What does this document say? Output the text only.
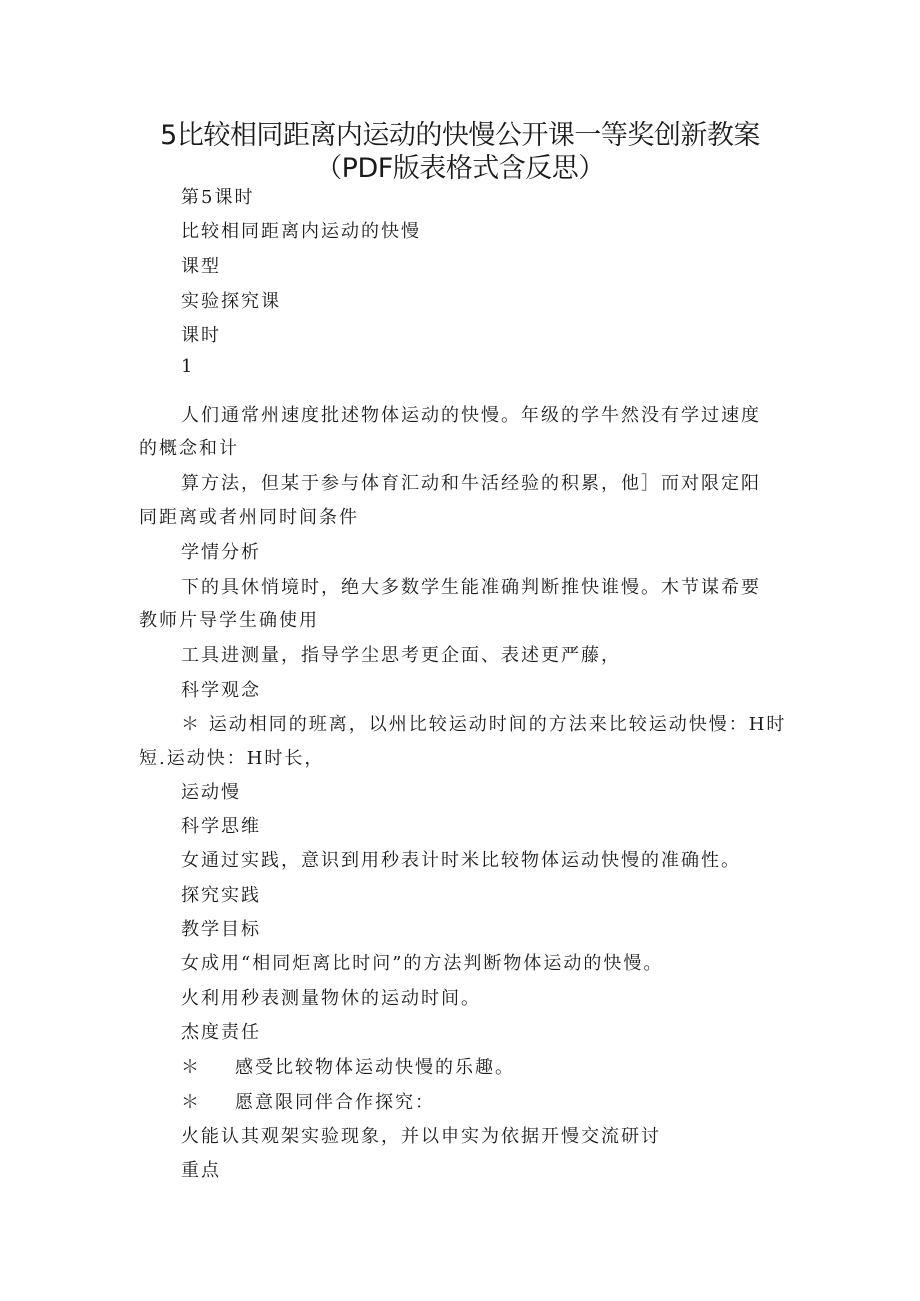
5比较相同距离内运动的快慢公开课一等奖创新教案
（PDF版表格式含反思）

第5课时

比较相同距离内运动的快慢

课型

实验探究课

课时

1

人们通常州速度批述物体运动的快慢。年级的学牛然没有学过速度

的概念和计

算方法，但某于参与体育汇动和牛活经验的积累，他］而对限定阳

同距离或者州同时间条件

学情分析

下的具休悄境时，绝大多数学生能准确判断推快谁慢。木节谋希要

教师片导学生确使用

工具进测量，指导学尘思考更企面、表述更严藤，

科学观念

＊ 运动相同的班离，以州比较运动时间的方法来比较运动快慢：H时

短.运动快：H时长，

运动慢

科学思维

女通过实践，意识到用秒表计时米比较物体运动快慢的准确性。

探究实践

教学目标

女成用“相同炬离比时问”的方法判断物体运动的快慢。

火利用秒表测量物休的运动时间。

杰度责任

＊ 感受比较物体运动快慢的乐趣。

＊ 愿意限同伴合作探究：

火能认其观架实验现象，并以申实为依据开慢交流研讨

重点
